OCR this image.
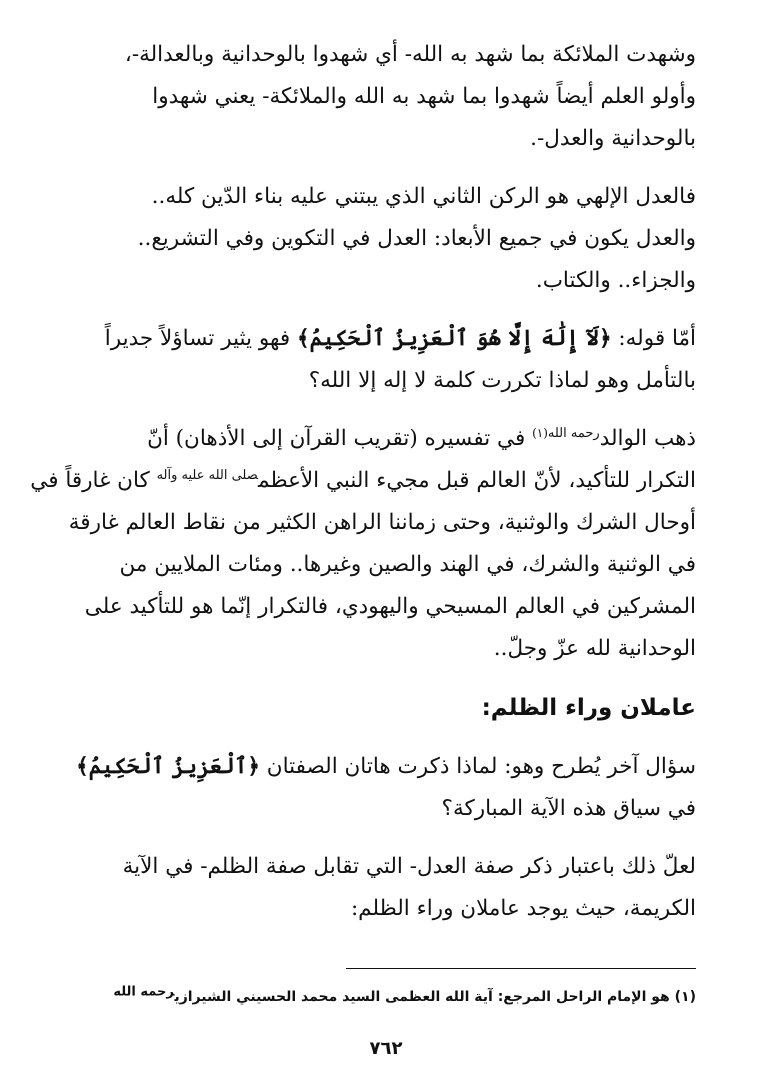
وشهدت الملائكة بما شهد به الله- أي شهدوا بالوحدانية وبالعدالة-،
وأولو العلم أيضاً شهدوا بما شهد به الله والملائكة- يعني شهدوا
بالوحدانية والعدل-.

فالعدل الإلهي هو الركن الثاني الذي يبتني عليه بناء الدّين كله..
والعدل يكون في جميع الأبعاد: العدل في التكوين وفي التشريع..
والجزاء.. والكتاب.

أمّا قوله: ﴿لَآ إِلَٰهَ إِلَّا هُوَ ٱلْعَزِيزُ ٱلْحَكِيمُ﴾ فهو يثير تساؤلاً جديراً
بالتأمل وهو لماذا تكررت كلمة لا إله إلا الله؟

ذهب الوالد$^{رحمه الله(١)}$ في تفسيره (تقريب القرآن إلى الأذهان) أنّ
التكرار للتأكيد، لأنّ العالم قبل مجيء النبي الأعظم$^{صلى الله عليه وآله}$ كان غارقاً في
أوحال الشرك والوثنية، وحتى زماننا الراهن الكثير من نقاط العالم غارقة
في الوثنية والشرك، في الهند والصين وغيرها.. ومئات الملايين من
المشركين في العالم المسيحي واليهودي، فالتكرار إنّما هو للتأكيد على
الوحدانية لله عزّ وجلّ..

عاملان وراء الظلم:

سؤال آخر يُطرح وهو: لماذا ذكرت هاتان الصفتان ﴿ٱلْعَزِيزُ ٱلْحَكِيمُ﴾
في سياق هذه الآية المباركة؟

لعلّ ذلك باعتبار ذكر صفة العدل- التي تقابل صفة الظلم- في الآية
الكريمة، حيث يوجد عاملان وراء الظلم:

(١) هو الإمام الراحل المرجع: آية الله العظمى السيد محمد الحسيني الشيرازيرحمه الله
٧٦٢
